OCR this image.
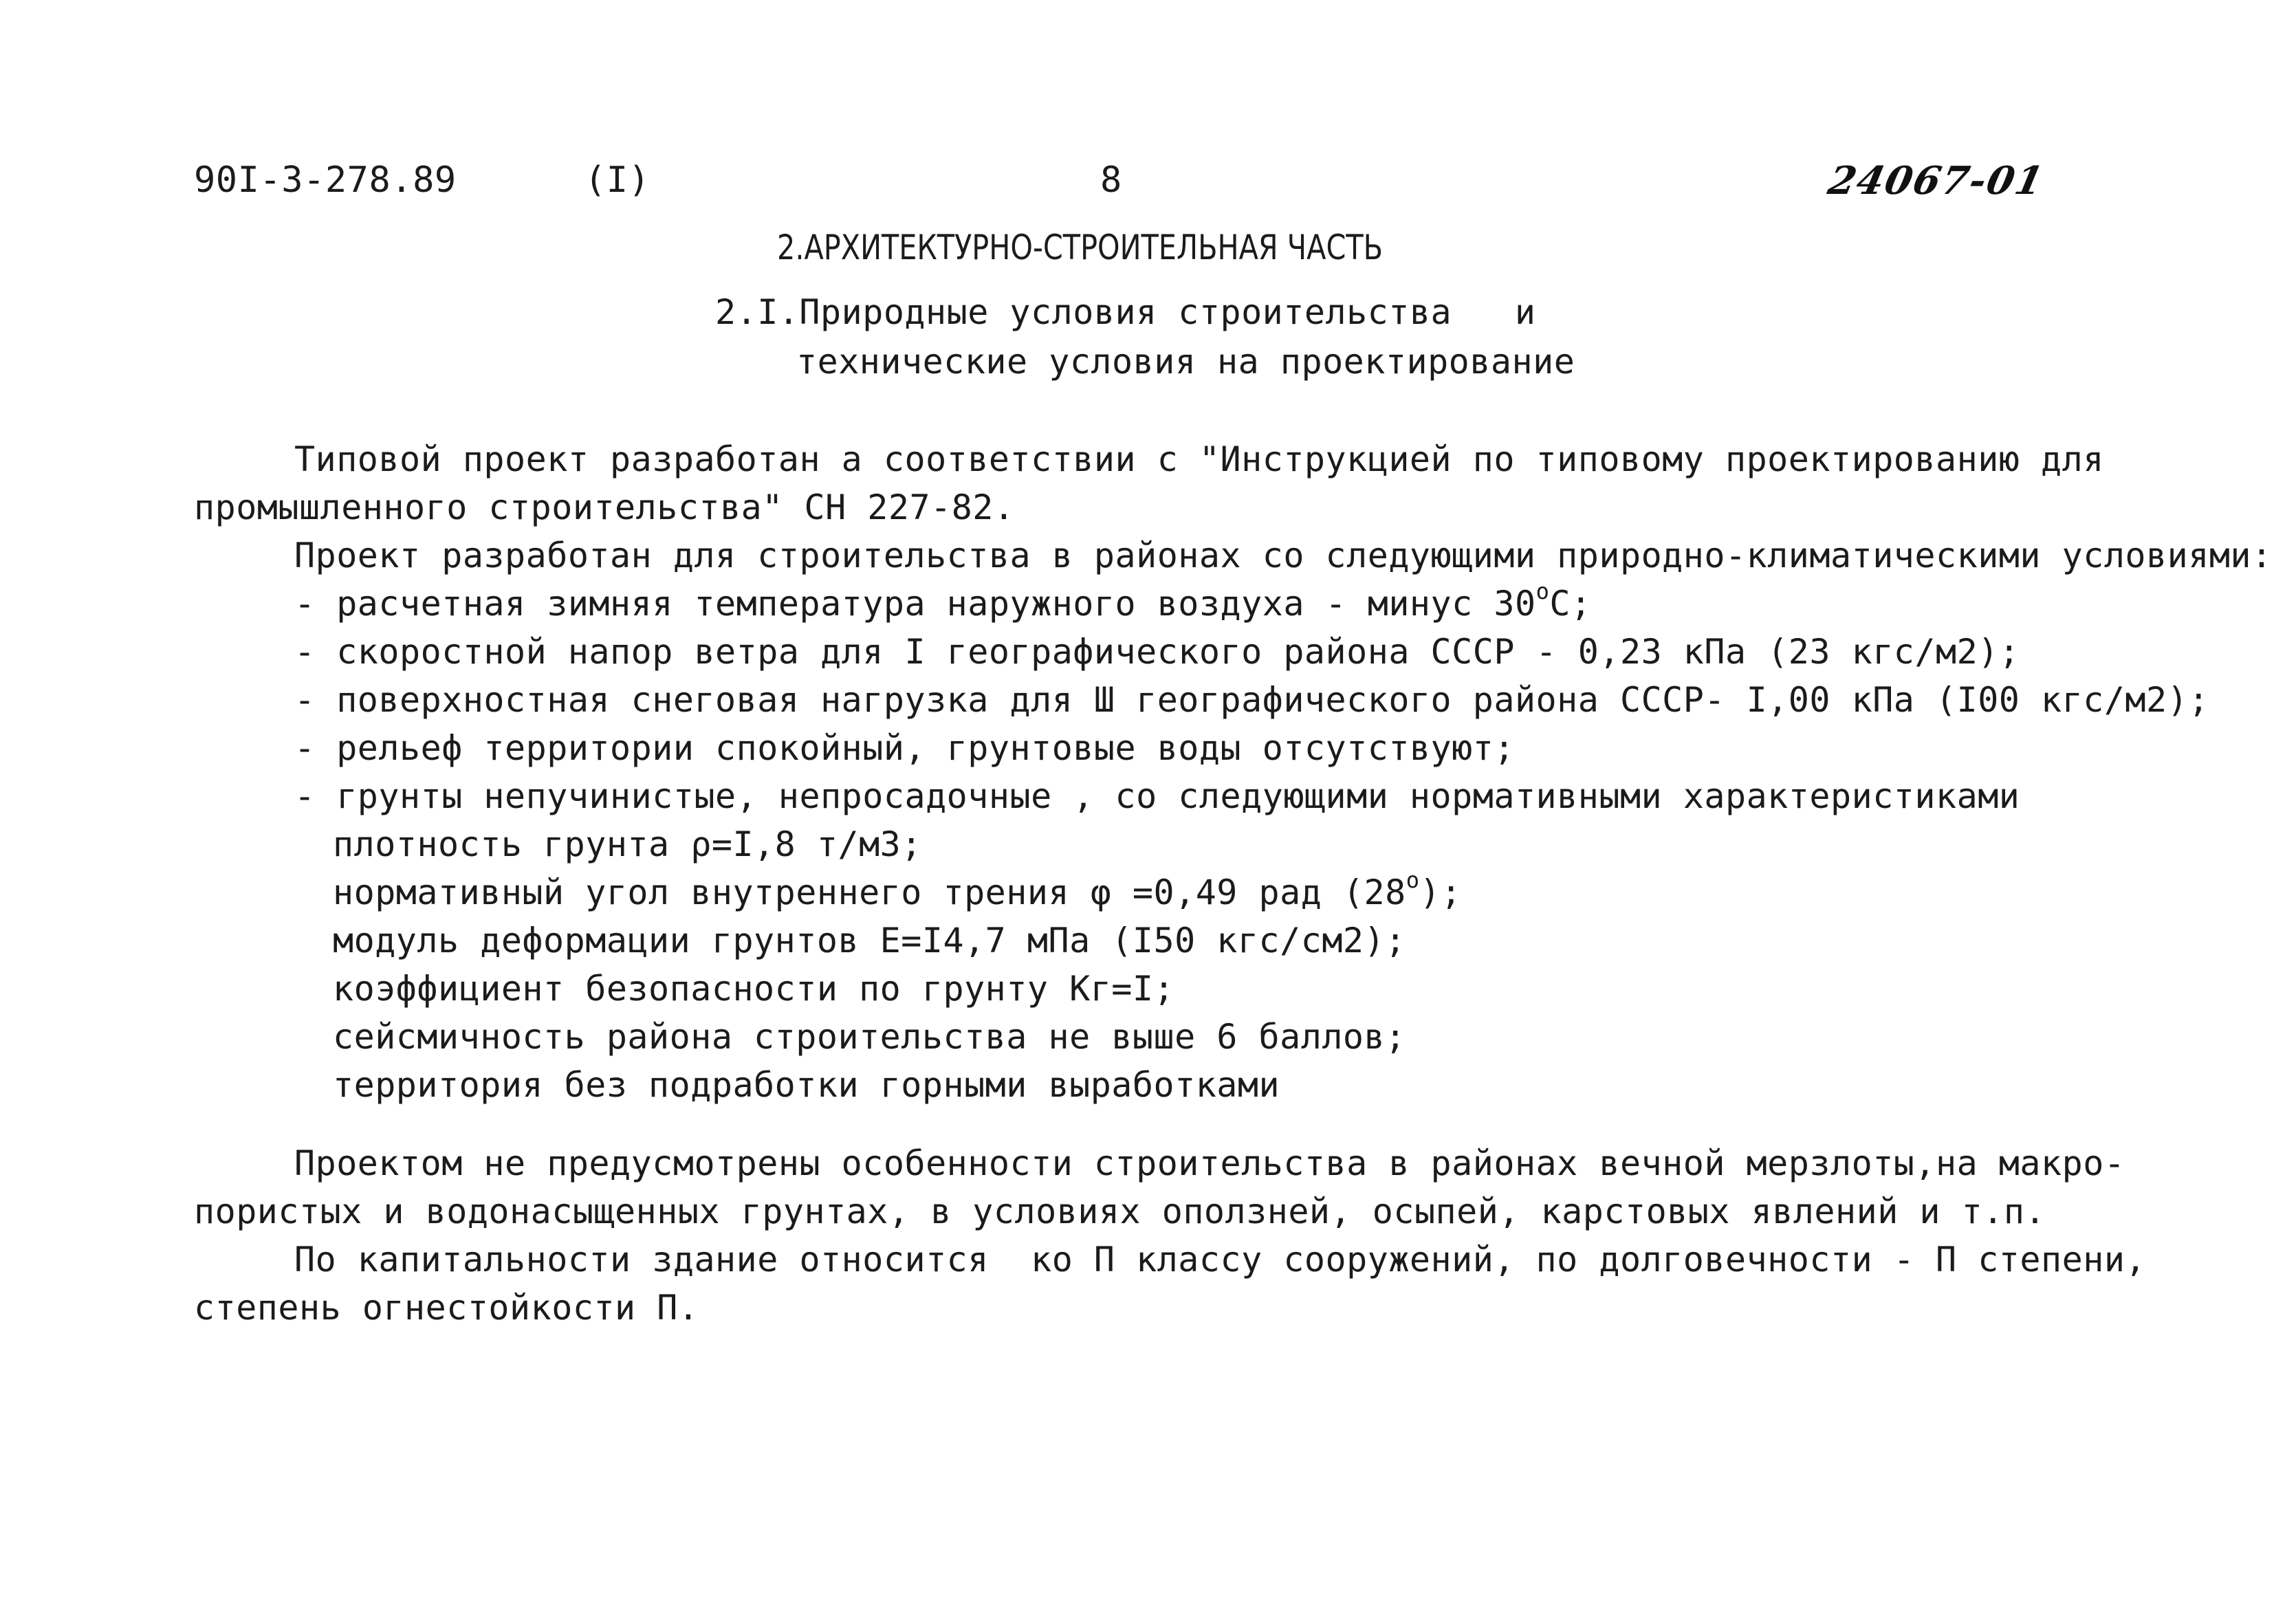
90I-3-278.89	(I)	8	24067-01
2.АРХИТЕКТУРНО-СТРОИТЕЛЬНАЯ ЧАСТЬ
2.I.Природные условия строительства   и
технические условия на проектирование
Типовой проект разработан а соответствии с "Инструкцией по типовому проектированию для
промышленного строительства" СН 227-82.
Проект разработан для строительства в районах со следующими природно-климатическими условиями:
- расчетная зимняя температура наружного воздуха - минус 30$^o$С;
- скоростной напор ветра для I географического района СССР - 0,23 кПа (23 кгс/м2);
- поверхностная снеговая нагрузка для Ш географического района СССР- I,00 кПа (I00 кгс/м2);
- рельеф территории спокойный, грунтовые воды отсутствуют;
- грунты непучинистые, непросадочные , со следующими нормативными характеристиками
плотность грунта ρ=I,8 т/м3;
нормативный угол внутреннего трения φ =0,49 рад (28$^o$);
модуль деформации грунтов Е=I4,7 мПа (I50 кгс/см2);
коэффициент безопасности по грунту Кг=I;
сейсмичность района строительства не выше 6 баллов;
территория без подработки горными выработками
Проектом не предусмотрены особенности строительства в районах вечной мерзлоты,на макро-
пористых и водонасыщенных грунтах, в условиях оползней, осыпей, карстовых явлений и т.п.
По капитальности здание относится  ко П классу сооружений, по долговечности - П степени,
степень огнестойкости П.
